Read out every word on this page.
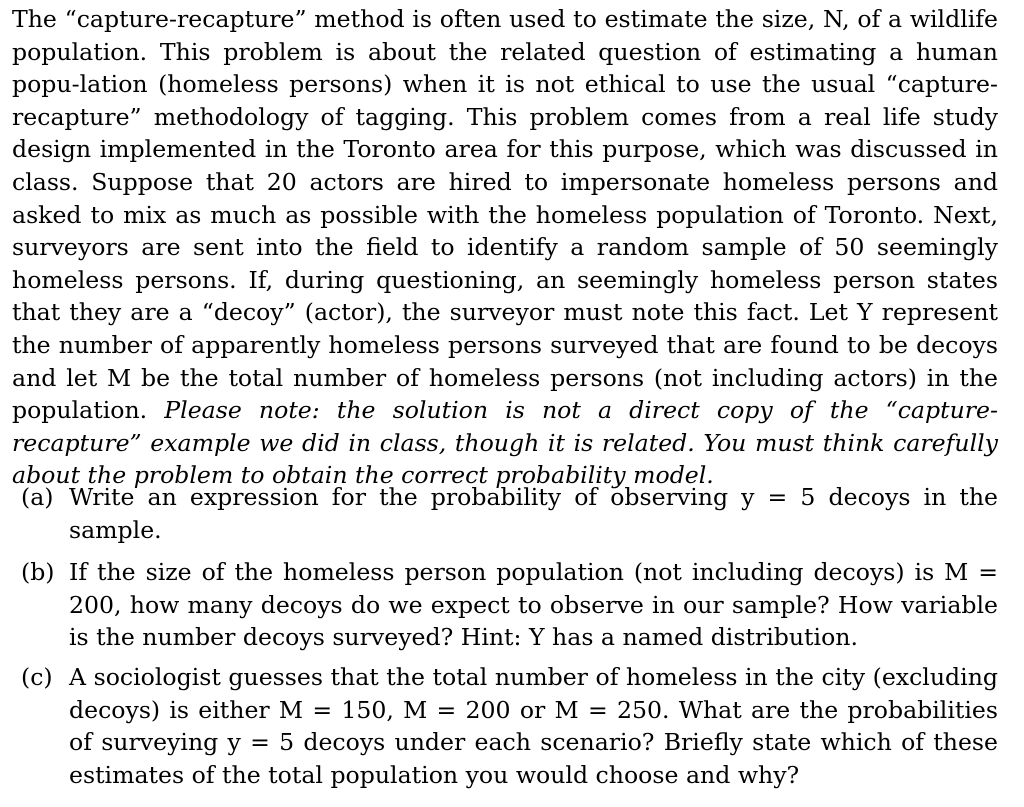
The “capture-recapture” method is often used to estimate the size, N, of a wildlife population. This problem is about the related question of estimating a human popu-lation (homeless persons) when it is not ethical to use the usual “capture-recapture” methodology of tagging. This problem comes from a real life study design implemented in the Toronto area for this purpose, which was discussed in class. Suppose that 20 actors are hired to impersonate homeless persons and asked to mix as much as possible with the homeless population of Toronto. Next, surveyors are sent into the field to identify a random sample of 50 seemingly homeless persons. If, during questioning, an seemingly homeless person states that they are a “decoy” (actor), the surveyor must note this fact. Let Y represent the number of apparently homeless persons surveyed that are found to be decoys and let M be the total number of homeless persons (not including actors) in the population. Please note: the solution is not a direct copy of the “capture-recapture” example we did in class, though it is related. You must think carefully about the problem to obtain the correct probability model.

(a) Write an expression for the probability of observing y = 5 decoys in the sample.
(b) If the size of the homeless person population (not including decoys) is M = 200, how many decoys do we expect to observe in our sample? How variable is the number decoys surveyed? Hint: Y has a named distribution.
(c) A sociologist guesses that the total number of homeless in the city (excluding decoys) is either M = 150, M = 200 or M = 250. What are the probabilities of surveying y = 5 decoys under each scenario? Briefly state which of these estimates of the total population you would choose and why?
